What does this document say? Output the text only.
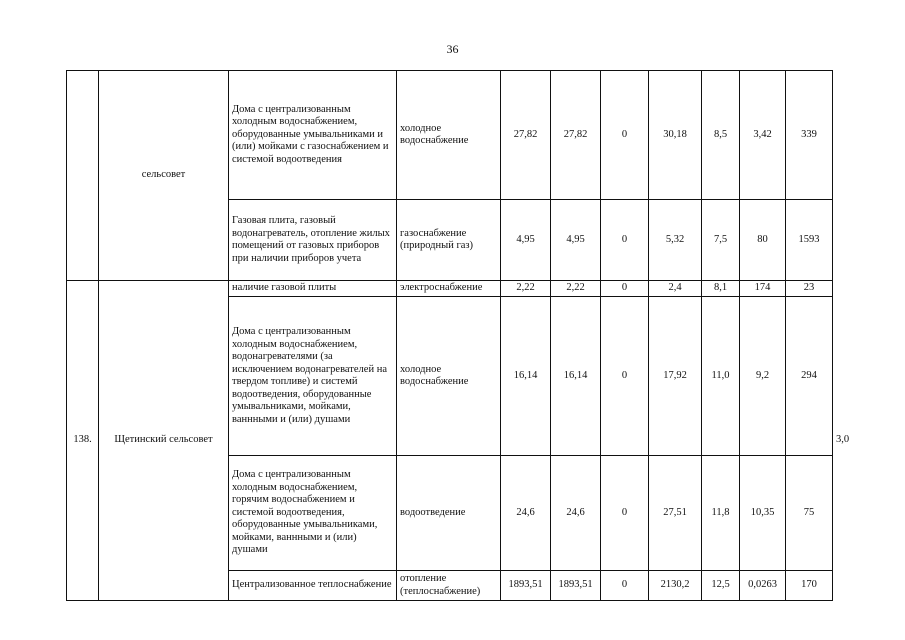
36
	сельсовет	Дома с централизованным холодным водоснабжением, оборудованные умывальниками и (или) мойками с газоснабжением и системой водоотведения	холодное водоснабжение	27,82	27,82	0	30,18	8,5	3,42	339	
		Газовая плита, газовый водонагреватель, отопление жилых помещений от газовых приборов при наличии приборов учета	газоснабжение (природный газ)	4,95	4,95	0	5,32	7,5	80	1593	
138.	Щетинский сельсовет	наличие газовой плиты	электроснабжение	2,22	2,22	0	2,4	8,1	174	23	3,0
		Дома с централизованным холодным водоснабжением, водонагревателями (за исключением водонагревателей на твердом топливе) и системй водоотведения, оборудованные умывальниками, мойками, ваннными и (или) душами	холодное водоснабжение	16,14	16,14	0	17,92	11,0	9,2	294	
		Дома с централизованным холодным водоснабжением, горячим водоснабжением и системой водоотведения, оборудованные умывальниками, мойками, ваннными и (или) душами	водоотведение	24,6	24,6	0	27,51	11,8	10,35	75	
		Централизованное теплоснабжение	отопление (теплоснабжение)	1893,51	1893,51	0	2130,2	12,5	0,0263	170	
